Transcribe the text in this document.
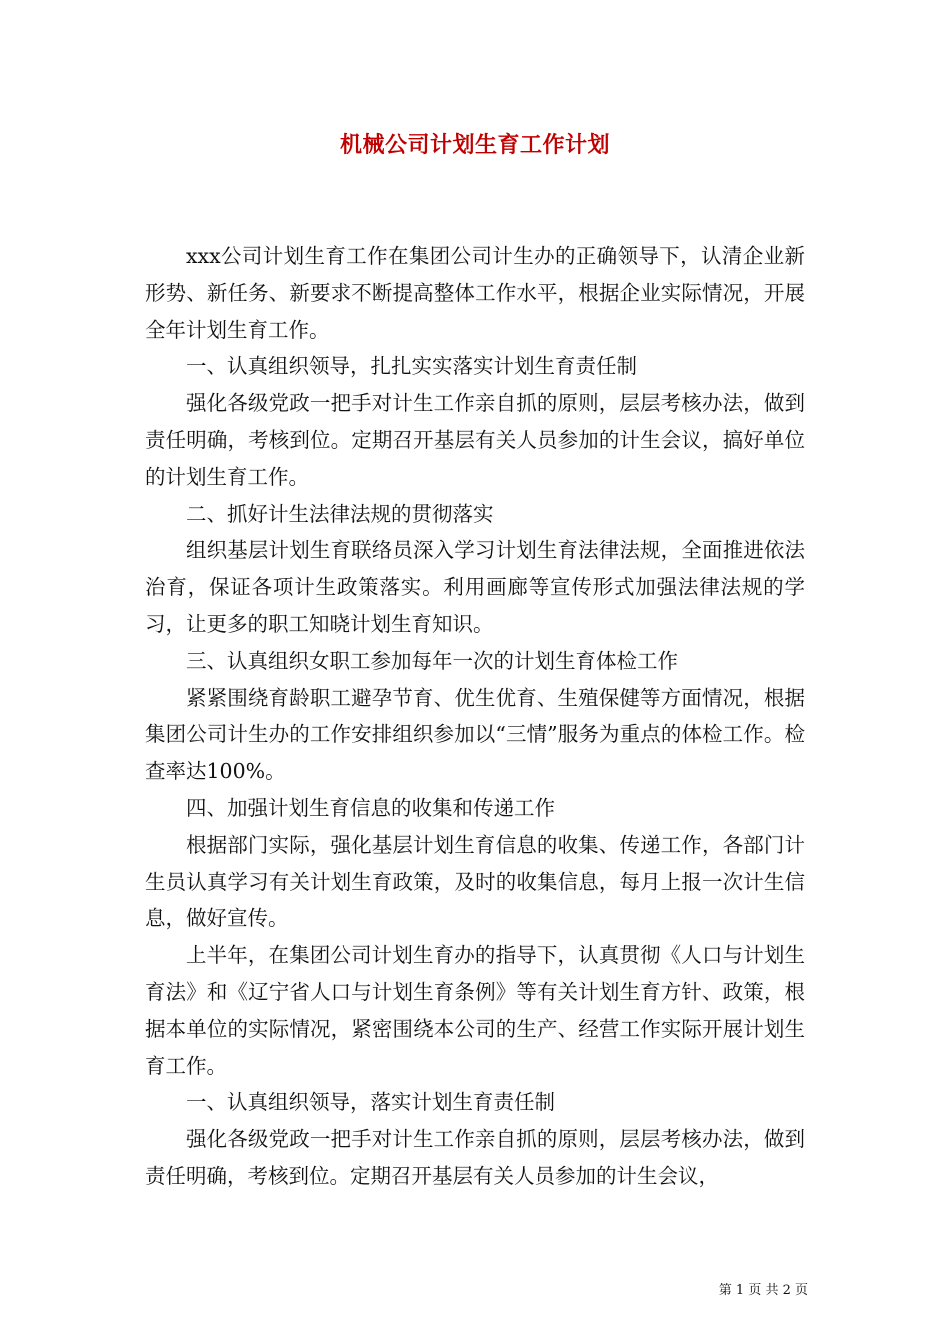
机械公司计划生育工作计划

xxx公司计划生育工作在集团公司计生办的正确领导下，认清企业新形势、新任务、新要求不断提高整体工作水平，根据企业实际情况，开展全年计划生育工作。

一、认真组织领导，扎扎实实落实计划生育责任制

强化各级党政一把手对计生工作亲自抓的原则，层层考核办法，做到责任明确，考核到位。定期召开基层有关人员参加的计生会议，搞好单位的计划生育工作。

二、抓好计生法律法规的贯彻落实

组织基层计划生育联络员深入学习计划生育法律法规，全面推进依法治育，保证各项计生政策落实。利用画廊等宣传形式加强法律法规的学习，让更多的职工知晓计划生育知识。

三、认真组织女职工参加每年一次的计划生育体检工作

紧紧围绕育龄职工避孕节育、优生优育、生殖保健等方面情况，根据集团公司计生办的工作安排组织参加以“三情”服务为重点的体检工作。检查率达100%。

四、加强计划生育信息的收集和传递工作

根据部门实际，强化基层计划生育信息的收集、传递工作，各部门计生员认真学习有关计划生育政策，及时的收集信息，每月上报一次计生信息，做好宣传。

上半年，在集团公司计划生育办的指导下，认真贯彻《人口与计划生育法》和《辽宁省人口与计划生育条例》等有关计划生育方针、政策，根据本单位的实际情况，紧密围绕本公司的生产、经营工作实际开展计划生育工作。

一、认真组织领导，落实计划生育责任制

强化各级党政一把手对计生工作亲自抓的原则，层层考核办法，做到责任明确，考核到位。定期召开基层有关人员参加的计生会议，

第 1 页 共 2 页
